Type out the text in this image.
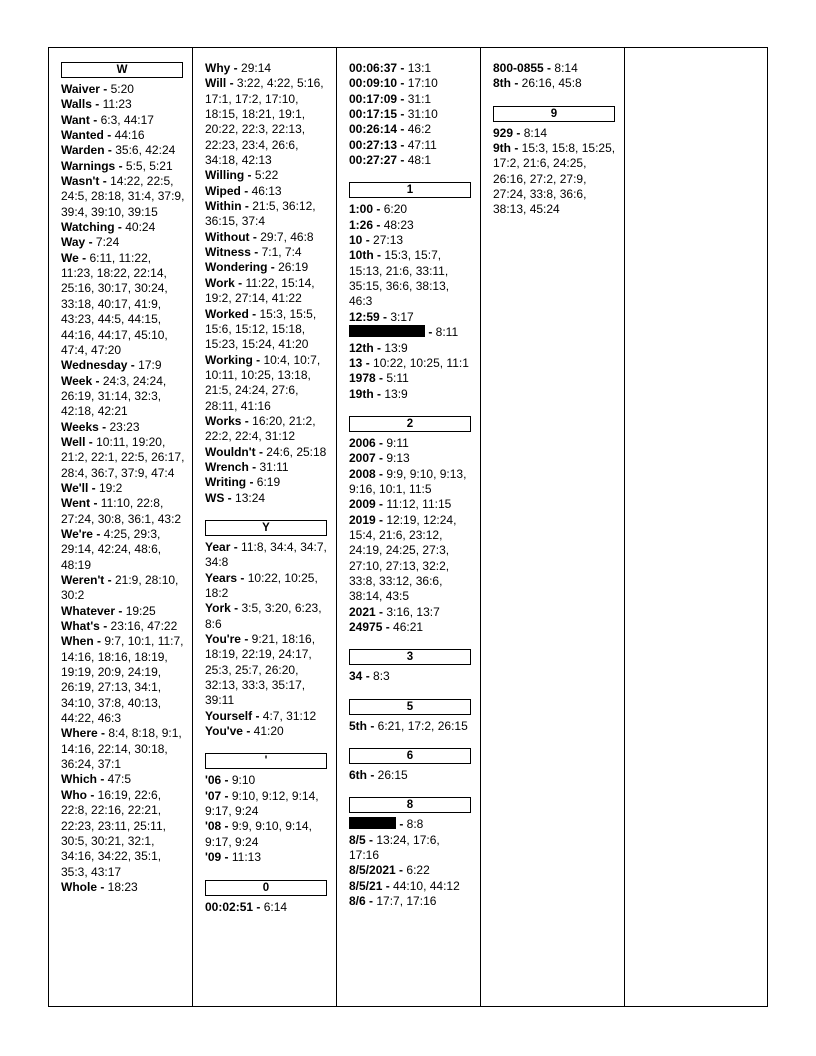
W
Waiver - 5:20
Walls - 11:23
Want - 6:3, 44:17
Wanted - 44:16
Warden - 35:6, 42:24
Warnings - 5:5, 5:21
Wasn't - 14:22, 22:5, 24:5, 28:18, 31:4, 37:9, 39:4, 39:10, 39:15
Watching - 40:24
Way - 7:24
We - 6:11, 11:22, 11:23, 18:22, 22:14, 25:16, 30:17, 30:24, 33:18, 40:17, 41:9, 43:23, 44:5, 44:15, 44:16, 44:17, 45:10, 47:4, 47:20
Wednesday - 17:9
Week - 24:3, 24:24, 26:19, 31:14, 32:3, 42:18, 42:21
Weeks - 23:23
Well - 10:11, 19:20, 21:2, 22:1, 22:5, 26:17, 28:4, 36:7, 37:9, 47:4
We'll - 19:2
Went - 11:10, 22:8, 27:24, 30:8, 36:1, 43:2
We're - 4:25, 29:3, 29:14, 42:24, 48:6, 48:19
Weren't - 21:9, 28:10, 30:2
Whatever - 19:25
What's - 23:16, 47:22
When - 9:7, 10:1, 11:7, 14:16, 18:16, 18:19, 19:19, 20:9, 24:19, 26:19, 27:13, 34:1, 34:10, 37:8, 40:13, 44:22, 46:3
Where - 8:4, 8:18, 9:1, 14:16, 22:14, 30:18, 36:24, 37:1
Which - 47:5
Who - 16:19, 22:6, 22:8, 22:16, 22:21, 22:23, 23:11, 25:11, 30:5, 30:21, 32:1, 34:16, 34:22, 35:1, 35:3, 43:17
Whole - 18:23
Why - 29:14
Will - 3:22, 4:22, 5:16, 17:1, 17:2, 17:10, 18:15, 18:21, 19:1, 20:22, 22:3, 22:13, 22:23, 23:4, 26:6, 34:18, 42:13
Willing - 5:22
Wiped - 46:13
Within - 21:5, 36:12, 36:15, 37:4
Without - 29:7, 46:8
Witness - 7:1, 7:4
Wondering - 26:19
Work - 11:22, 15:14, 19:2, 27:14, 41:22
Worked - 15:3, 15:5, 15:6, 15:12, 15:18, 15:23, 15:24, 41:20
Working - 10:4, 10:7, 10:11, 10:25, 13:18, 21:5, 24:24, 27:6, 28:11, 41:16
Works - 16:20, 21:2, 22:2, 22:4, 31:12
Wouldn't - 24:6, 25:18
Wrench - 31:11
Writing - 6:19
WS - 13:24
Y
Year - 11:8, 34:4, 34:7, 34:8
Years - 10:22, 10:25, 18:2
York - 3:5, 3:20, 6:23, 8:6
You're - 9:21, 18:16, 18:19, 22:19, 24:17, 25:3, 25:7, 26:20, 32:13, 33:3, 35:17, 39:11
Yourself - 4:7, 31:12
You've - 41:20
'
'06 - 9:10
'07 - 9:10, 9:12, 9:14, 9:17, 9:24
'08 - 9:9, 9:10, 9:14, 9:17, 9:24
'09 - 11:13
0
00:02:51 - 6:14
00:06:37 - 13:1
00:09:10 - 17:10
00:17:09 - 31:1
00:17:15 - 31:10
00:26:14 - 46:2
00:27:13 - 47:11
00:27:27 - 48:1
1
1:00 - 6:20
1:26 - 48:23
10 - 27:13
10th - 15:3, 15:7, 15:13, 21:6, 33:11, 35:15, 36:6, 38:13, 46:3
12:59 - 3:17
- 8:11
12th - 13:9
13 - 10:22, 10:25, 11:1
1978 - 5:11
19th - 13:9
2
2006 - 9:11
2007 - 9:13
2008 - 9:9, 9:10, 9:13, 9:16, 10:1, 11:5
2009 - 11:12, 11:15
2019 - 12:19, 12:24, 15:4, 21:6, 23:12, 24:19, 24:25, 27:3, 27:10, 27:13, 32:2, 33:8, 33:12, 36:6, 38:14, 43:5
2021 - 3:16, 13:7
24975 - 46:21
3
34 - 8:3
5
5th - 6:21, 17:2, 26:15
6
6th - 26:15
8
- 8:8
8/5 - 13:24, 17:6, 17:16
8/5/2021 - 6:22
8/5/21 - 44:10, 44:12
8/6 - 17:7, 17:16
800-0855 - 8:14
8th - 26:16, 45:8
9
929 - 8:14
9th - 15:3, 15:8, 15:25, 17:2, 21:6, 24:25, 26:16, 27:2, 27:9, 27:24, 33:8, 36:6, 38:13, 45:24
